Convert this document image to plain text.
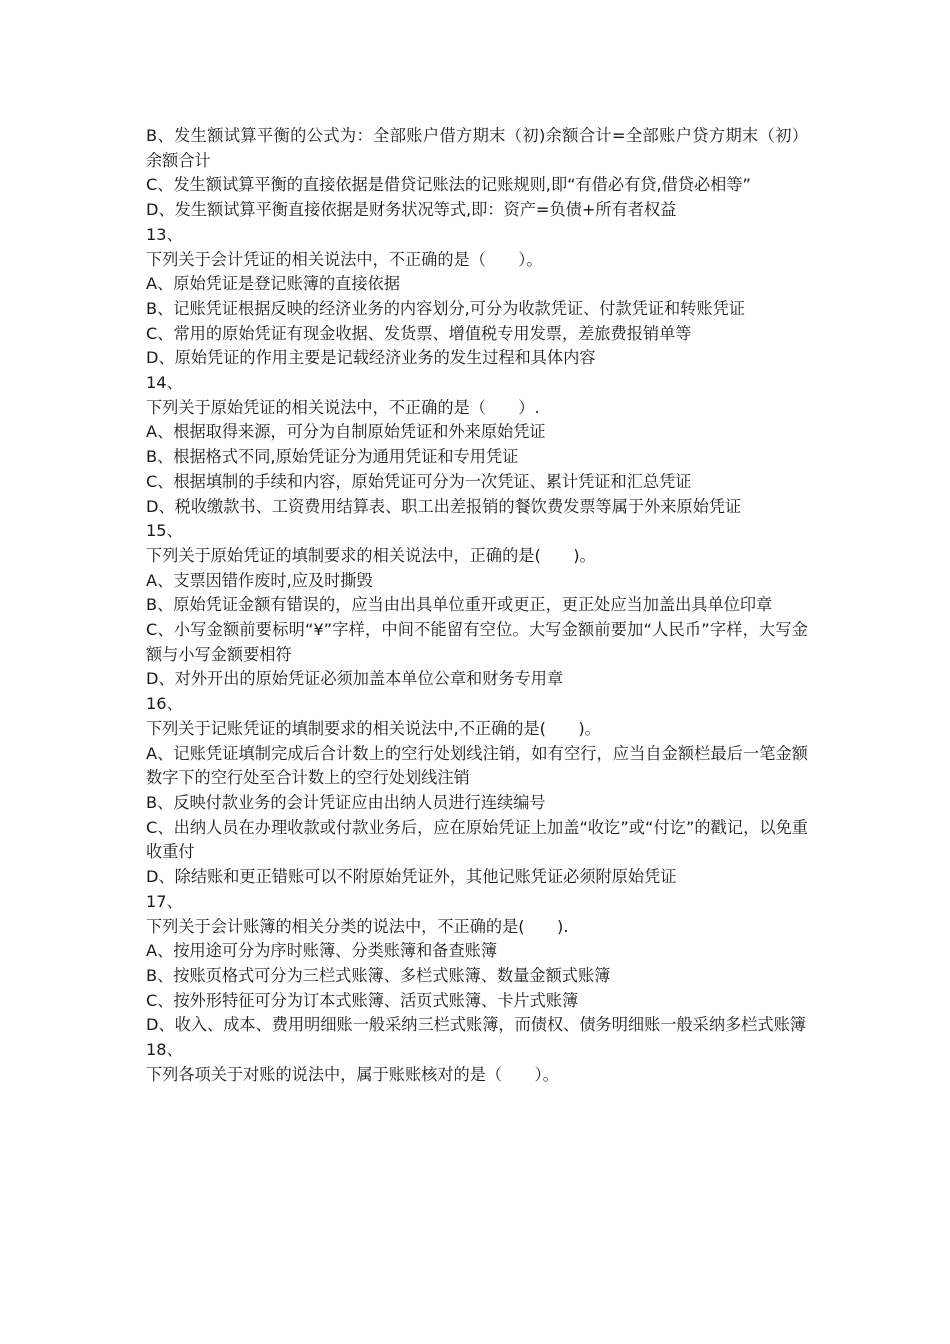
B、发生额试算平衡的公式为：全部账户借方期末（初)余额合计=全部账户贷方期末（初）余额合计

C、发生额试算平衡的直接依据是借贷记账法的记账规则,即“有借必有贷,借贷必相等”

D、发生额试算平衡直接依据是财务状况等式,即：资产=负债+所有者权益

13、

下列关于会计凭证的相关说法中，不正确的是（　　）。

A、原始凭证是登记账簿的直接依据

B、记账凭证根据反映的经济业务的内容划分,可分为收款凭证、付款凭证和转账凭证

C、常用的原始凭证有现金收据、发货票、增值税专用发票，差旅费报销单等

D、原始凭证的作用主要是记载经济业务的发生过程和具体内容

14、

下列关于原始凭证的相关说法中，不正确的是（　　）.

A、根据取得来源，可分为自制原始凭证和外来原始凭证

B、根据格式不同,原始凭证分为通用凭证和专用凭证

C、根据填制的手续和内容，原始凭证可分为一次凭证、累计凭证和汇总凭证

D、税收缴款书、工资费用结算表、职工出差报销的餐饮费发票等属于外来原始凭证

15、

下列关于原始凭证的填制要求的相关说法中，正确的是(　　)。

A、支票因错作废时,应及时撕毁

B、原始凭证金额有错误的，应当由出具单位重开或更正，更正处应当加盖出具单位印章

C、小写金额前要标明“¥”字样，中间不能留有空位。大写金额前要加“人民币”字样，大写金额与小写金额要相符

D、对外开出的原始凭证必须加盖本单位公章和财务专用章

16、

下列关于记账凭证的填制要求的相关说法中,不正确的是(　　)。

A、记账凭证填制完成后合计数上的空行处划线注销，如有空行，应当自金额栏最后一笔金额数字下的空行处至合计数上的空行处划线注销

B、反映付款业务的会计凭证应由出纳人员进行连续编号

C、出纳人员在办理收款或付款业务后，应在原始凭证上加盖“收讫”或“付讫”的戳记，以免重收重付

D、除结账和更正错账可以不附原始凭证外，其他记账凭证必须附原始凭证

17、

下列关于会计账簿的相关分类的说法中，不正确的是(　　).

A、按用途可分为序时账簿、分类账簿和备查账簿

B、按账页格式可分为三栏式账簿、多栏式账簿、数量金额式账簿

C、按外形特征可分为订本式账簿、活页式账簿、卡片式账簿

D、收入、成本、费用明细账一般采纳三栏式账簿，而债权、债务明细账一般采纳多栏式账簿

18、

下列各项关于对账的说法中，属于账账核对的是（　　）。
